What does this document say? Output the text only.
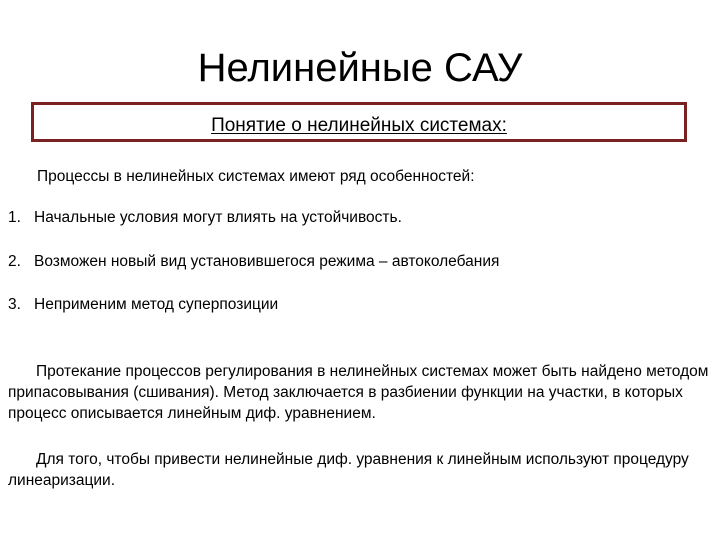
Нелинейные САУ
Понятие о нелинейных системах:

Процессы в нелинейных системах имеют ряд особенностей:

1. Начальные условия могут влиять на устойчивость.
2. Возможен новый вид установившегося режима – автоколебания
3. Неприменим метод суперпозиции

Протекание процессов регулирования в нелинейных системах может быть найдено методом припасовывания (сшивания). Метод заключается в разбиении функции на участки, в которых процесс описывается линейным диф. уравнением.

Для того, чтобы привести нелинейные диф. уравнения к линейным используют процедуру линеаризации.
